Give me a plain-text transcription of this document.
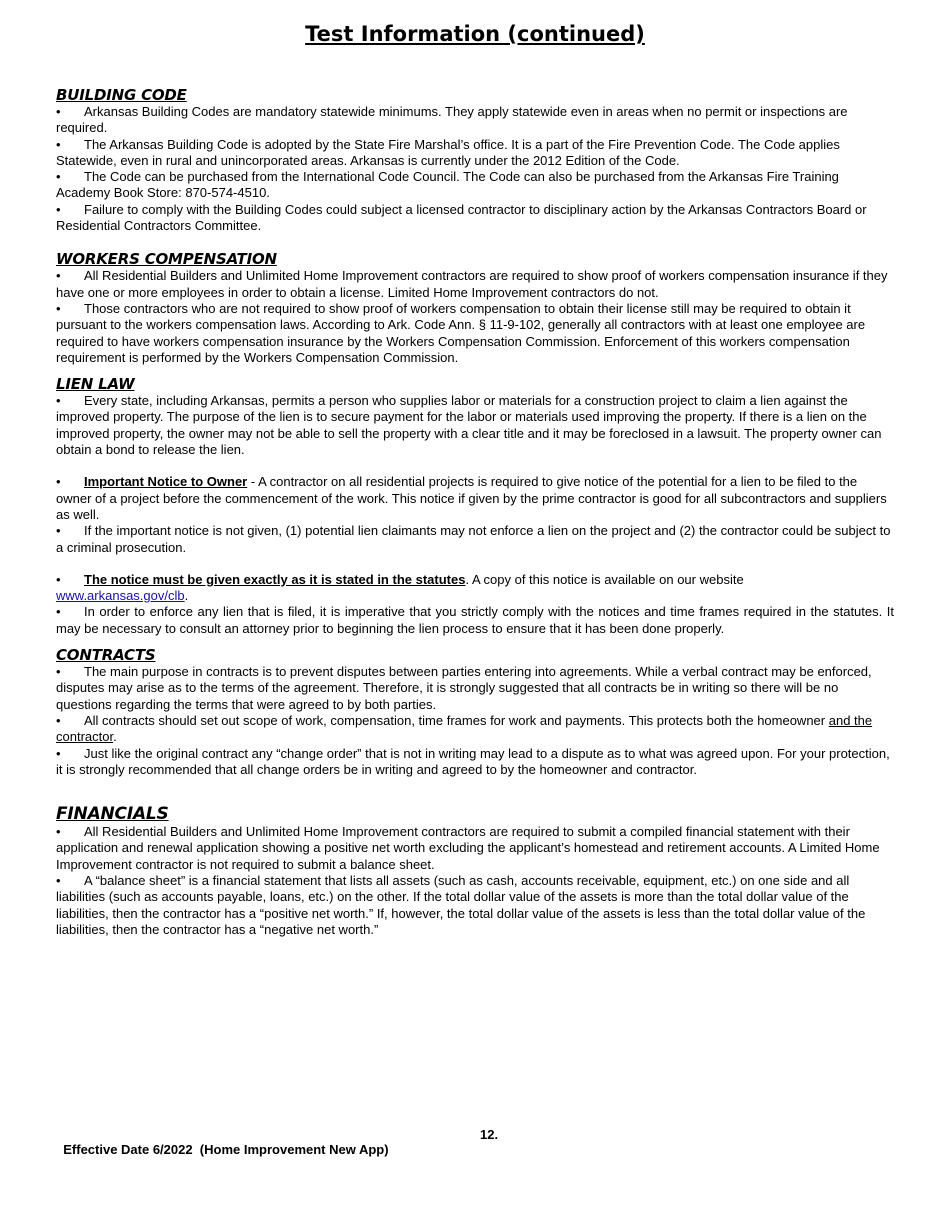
Test Information (continued)
BUILDING CODE

• Arkansas Building Codes are mandatory statewide minimums. They apply statewide even in areas when no permit or inspections are required.

• The Arkansas Building Code is adopted by the State Fire Marshal’s office. It is a part of the Fire Prevention Code. The Code applies Statewide, even in rural and unincorporated areas. Arkansas is currently under the 2012 Edition of the Code.

• The Code can be purchased from the International Code Council. The Code can also be purchased from the Arkansas Fire Training Academy Book Store: 870-574-4510.

• Failure to comply with the Building Codes could subject a licensed contractor to disciplinary action by the Arkansas Contractors Board or Residential Contractors Committee.

WORKERS COMPENSATION

• All Residential Builders and Unlimited Home Improvement contractors are required to show proof of workers compensation insurance if they have one or more employees in order to obtain a license. Limited Home Improvement contractors do not.

• Those contractors who are not required to show proof of workers compensation to obtain their license still may be required to obtain it pursuant to the workers compensation laws. According to Ark. Code Ann. § 11-9-102, generally all contractors with at least one employee are required to have workers compensation insurance by the Workers Compensation Commission. Enforcement of this workers compensation requirement is performed by the Workers Compensation Commission.

LIEN LAW

• Every state, including Arkansas, permits a person who supplies labor or materials for a construction project to claim a lien against the improved property. The purpose of the lien is to secure payment for the labor or materials used improving the property. If there is a lien on the improved property, the owner may not be able to sell the property with a clear title and it may be foreclosed in a lawsuit. The property owner can obtain a bond to release the lien.

• Important Notice to Owner - A contractor on all residential projects is required to give notice of the potential for a lien to be filed to the owner of a project before the commencement of the work. This notice if given by the prime contractor is good for all subcontractors and suppliers as well.

• If the important notice is not given, (1) potential lien claimants may not enforce a lien on the project and (2) the contractor could be subject to a criminal prosecution.

• The notice must be given exactly as it is stated in the statutes. A copy of this notice is available on our website
www.arkansas.gov/clb.

• In order to enforce any lien that is filed, it is imperative that you strictly comply with the notices and time frames required in the statutes. It may be necessary to consult an attorney prior to beginning the lien process to ensure that it has been done properly.

CONTRACTS

• The main purpose in contracts is to prevent disputes between parties entering into agreements. While a verbal contract may be enforced, disputes may arise as to the terms of the agreement. Therefore, it is strongly suggested that all contracts be in writing so there will be no questions regarding the terms that were agreed to by both parties.

• All contracts should set out scope of work, compensation, time frames for work and payments. This protects both the homeowner and the contractor.

• Just like the original contract any “change order” that is not in writing may lead to a dispute as to what was agreed upon. For your protection, it is strongly recommended that all change orders be in writing and agreed to by the homeowner and contractor.

FINANCIALS

• All Residential Builders and Unlimited Home Improvement contractors are required to submit a compiled financial statement with their application and renewal application showing a positive net worth excluding the applicant’s homestead and retirement accounts. A Limited Home Improvement contractor is not required to submit a balance sheet.

• A “balance sheet” is a financial statement that lists all assets (such as cash, accounts receivable, equipment, etc.) on one side and all liabilities (such as accounts payable, loans, etc.) on the other. If the total dollar value of the assets is more than the total dollar value of the liabilities, then the contractor has a “positive net worth.” If, however, the total dollar value of the assets is less than the total dollar value of the liabilities, then the contractor has a “negative net worth.”

Effective Date 6/2022  (Home Improvement New App)

12.
